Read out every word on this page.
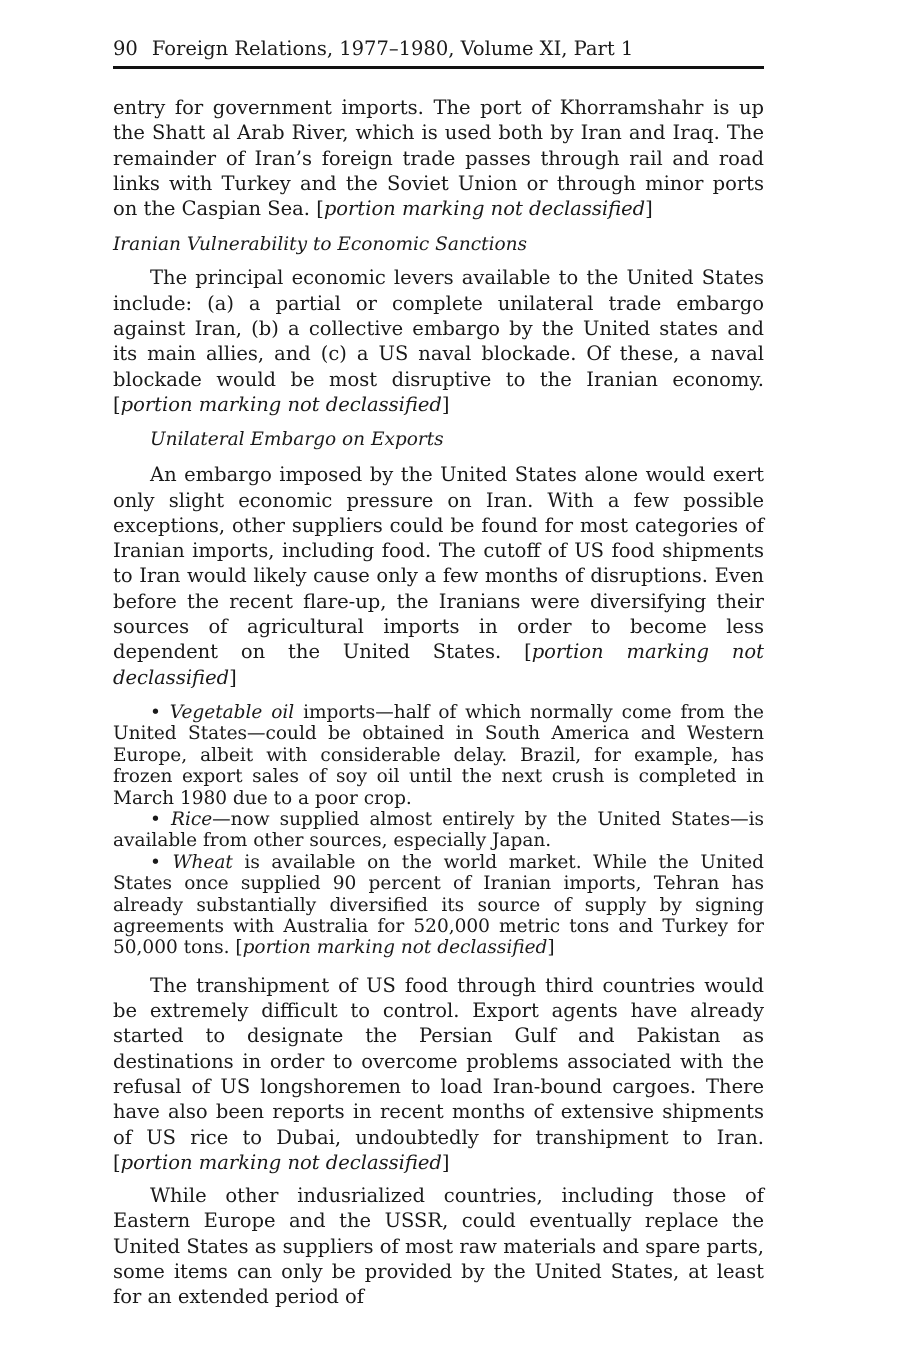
90 Foreign Relations, 1977–1980, Volume XI, Part 1

entry for government imports. The port of Khorramshahr is up the Shatt al Arab River, which is used both by Iran and Iraq. The remainder of Iran’s foreign trade passes through rail and road links with Turkey and the Soviet Union or through minor ports on the Caspian Sea. [portion marking not declassified]

Iranian Vulnerability to Economic Sanctions

The principal economic levers available to the United States include: (a) a partial or complete unilateral trade embargo against Iran, (b) a collective embargo by the United states and its main allies, and (c) a US naval blockade. Of these, a naval blockade would be most disruptive to the Iranian economy. [portion marking not declassified]

Unilateral Embargo on Exports

An embargo imposed by the United States alone would exert only slight economic pressure on Iran. With a few possible exceptions, other suppliers could be found for most categories of Iranian imports, including food. The cutoff of US food shipments to Iran would likely cause only a few months of disruptions. Even before the recent flare-up, the Iranians were diversifying their sources of agricultural imports in order to become less dependent on the United States. [portion marking not declassified]

• Vegetable oil imports—half of which normally come from the United States—could be obtained in South America and Western Europe, albeit with considerable delay. Brazil, for example, has frozen export sales of soy oil until the next crush is completed in March 1980 due to a poor crop.

• Rice—now supplied almost entirely by the United States—is available from other sources, especially Japan.

• Wheat is available on the world market. While the United States once supplied 90 percent of Iranian imports, Tehran has already substantially diversified its source of supply by signing agreements with Australia for 520,000 metric tons and Turkey for 50,000 tons. [portion marking not declassified]

The transhipment of US food through third countries would be extremely difficult to control. Export agents have already started to designate the Persian Gulf and Pakistan as destinations in order to overcome problems associated with the refusal of US longshoremen to load Iran-bound cargoes. There have also been reports in recent months of extensive shipments of US rice to Dubai, undoubtedly for transhipment to Iran. [portion marking not declassified]

While other indusrialized countries, including those of Eastern Europe and the USSR, could eventually replace the United States as suppliers of most raw materials and spare parts, some items can only be provided by the United States, at least for an extended period of
